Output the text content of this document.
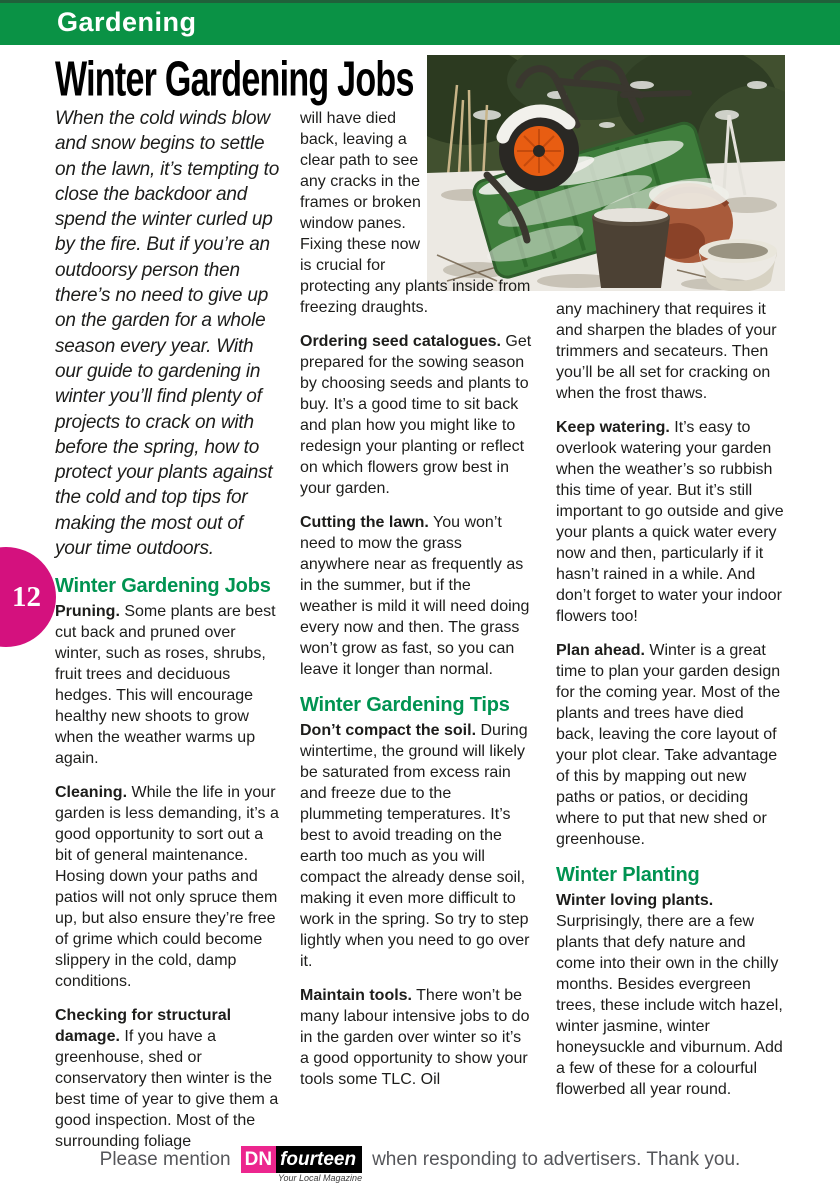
Gardening
Winter Gardening Jobs

When the cold winds blow and snow begins to settle on the lawn, it’s tempting to close the backdoor and spend the winter curled up by the fire. But if you’re an outdoorsy person then there’s no need to give up on the garden for a whole season every year. With our guide to gardening in winter you’ll find plenty of projects to crack on with before the spring, how to protect your plants against the cold and top tips for making the most out of your time outdoors.

Winter Gardening Jobs

Pruning. Some plants are best cut back and pruned over winter, such as roses, shrubs, fruit trees and deciduous hedges. This will encourage healthy new shoots to grow when the weather warms up again.

Cleaning. While the life in your garden is less demanding, it’s a good opportunity to sort out a bit of general maintenance. Hosing down your paths and patios will not only spruce them up, but also ensure they’re free of grime which could become slippery in the cold, damp conditions.

Checking for structural damage. If you have a greenhouse, shed or conservatory then winter is the best time of year to give them a good inspection. Most of the surrounding foliage

will have died back, leaving a clear path to see any cracks in the frames or broken window panes. Fixing these now is crucial for

protecting any plants inside from freezing draughts.

Ordering seed catalogues. Get prepared for the sowing season by choosing seeds and plants to buy. It’s a good time to sit back and plan how you might like to redesign your planting or reflect on which flowers grow best in your garden.

Cutting the lawn. You won’t need to mow the grass anywhere near as frequently as in the summer, but if the weather is mild it will need doing every now and then. The grass won’t grow as fast, so you can leave it longer than normal.

Winter Gardening Tips

Don’t compact the soil. During wintertime, the ground will likely be saturated from excess rain and freeze due to the plummeting temperatures. It’s best to avoid treading on the earth too much as you will compact the already dense soil, making it even more difficult to work in the spring. So try to step lightly when you need to go over it.

Maintain tools. There won’t be many labour intensive jobs to do in the garden over winter so it’s a good opportunity to show your tools some TLC. Oil

any machinery that requires it and sharpen the blades of your trimmers and secateurs. Then you’ll be all set for cracking on when the frost thaws.

Keep watering. It’s easy to overlook watering your garden when the weather’s so rubbish this time of year. But it’s still important to go outside and give your plants a quick water every now and then, particularly if it hasn’t rained in a while. And don’t forget to water your indoor flowers too!

Plan ahead. Winter is a great time to plan your garden design for the coming year. Most of the plants and trees have died back, leaving the core layout of your plot clear. Take advantage of this by mapping out new paths or patios, or deciding where to put that new shed or greenhouse.

Winter Planting

Winter loving plants. Surprisingly, there are a few plants that defy nature and come into their own in the chilly months. Besides evergreen trees, these include witch hazel, winter jasmine, winter honeysuckle and viburnum. Add a few of these for a colourful flowerbed all year round.

12
Please mention DN fourteen
Your Local Magazine
when responding to advertisers. Thank you.
